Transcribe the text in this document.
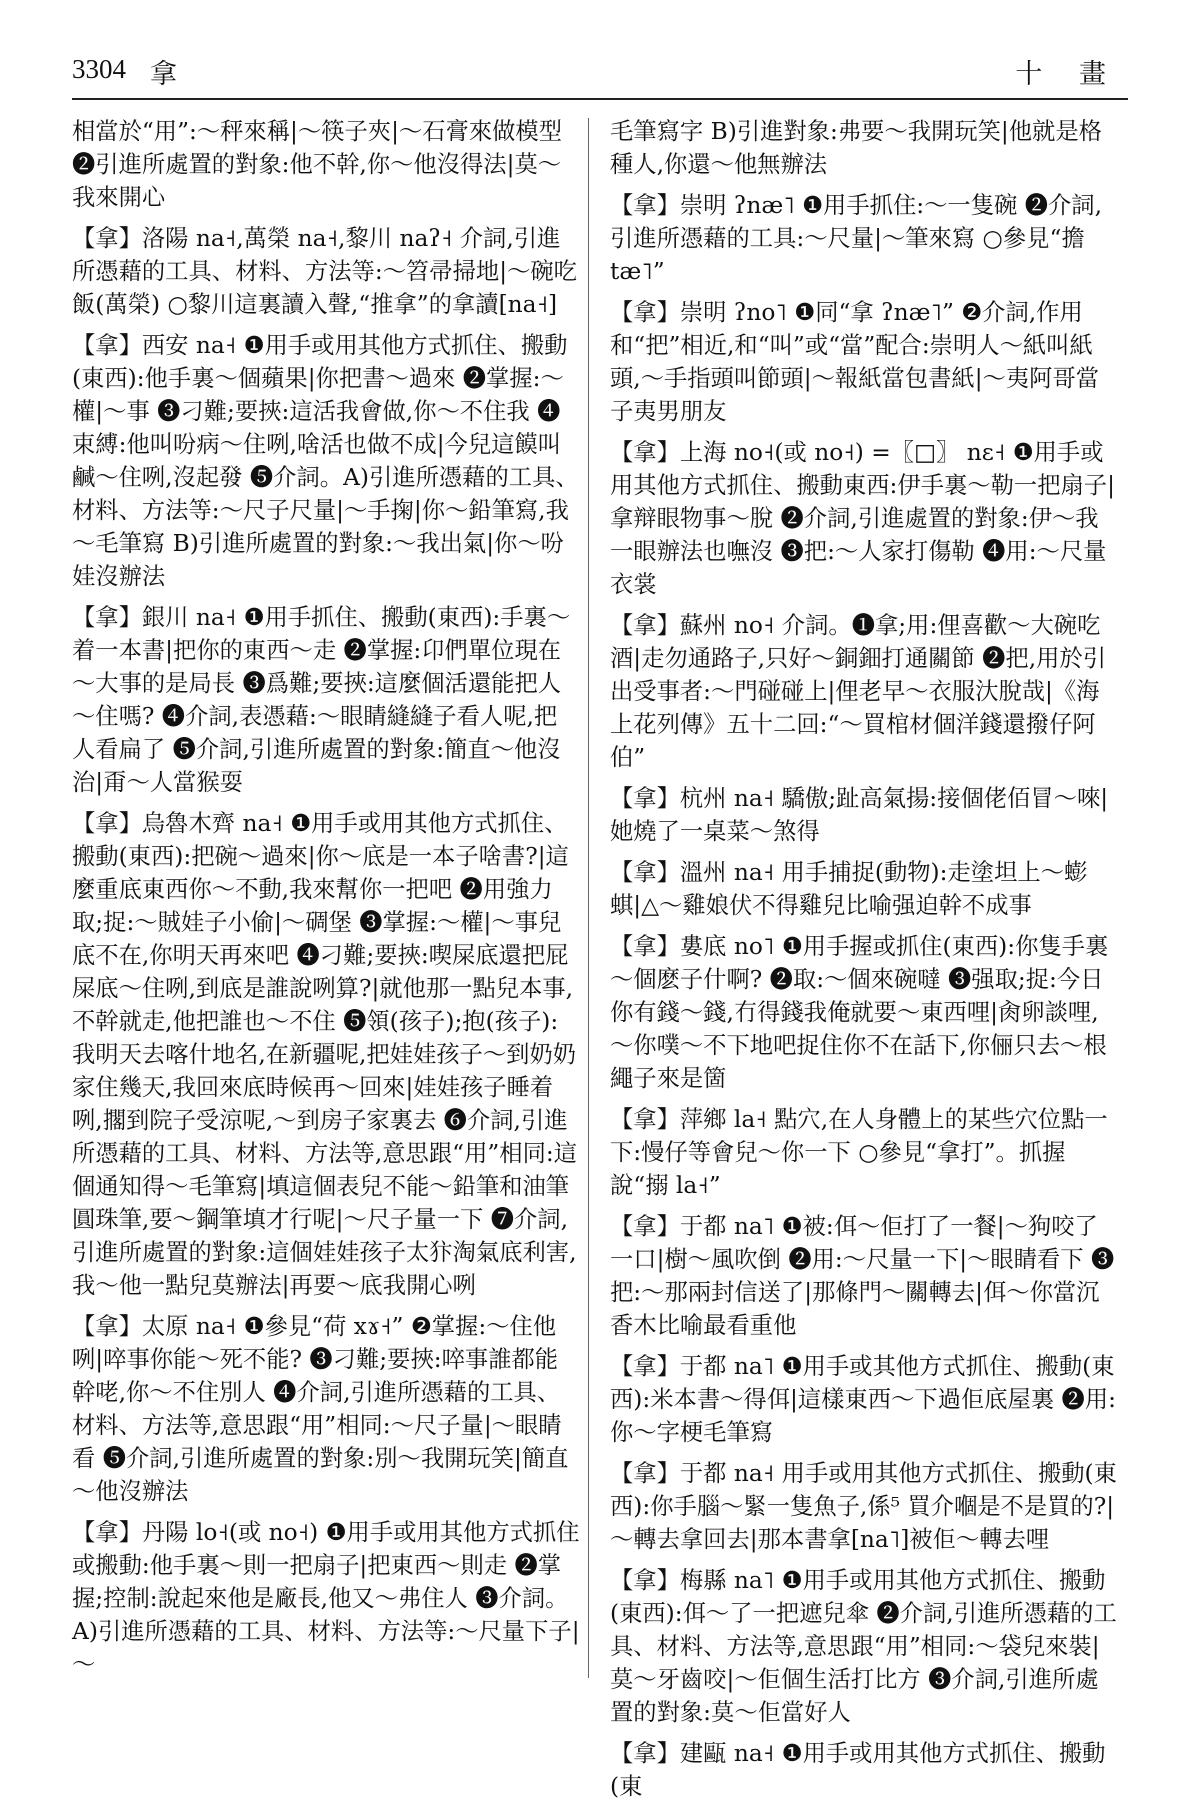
3304 拿	十 畫

相當於“用”:～秤來稱|～筷子夾|～石膏來做模型 ❷引進所處置的對象:他不幹,你～他沒得法|莫～我來開心

【拿】洛陽 na˧,萬榮 na˧,黎川 naʔ˧ 介詞,引進所憑藉的工具、材料、方法等:～笤帚掃地|～碗吃飯(萬榮) ○黎川這裏讀入聲,“推拿”的拿讀[na˧]

【拿】西安 na˧ ❶用手或用其他方式抓住、搬動(東西):他手裏～個蘋果|你把書～過來 ❷掌握:～權|～事 ❸刁難;要挾:這活我會做,你～不住我 ❹束縛:他叫吩病～住咧,啥活也做不成|今兒這饃叫鹹～住咧,沒起發 ❺介詞。A)引進所憑藉的工具、材料、方法等:～尺子尺量|～手掬|你～鉛筆寫,我～毛筆寫 B)引進所處置的對象:～我出氣|你～吩娃沒辦法

【拿】銀川 na˧ ❶用手抓住、搬動(東西):手裏～着一本書|把你的東西～走 ❷掌握:卬們單位現在～大事的是局長 ❸爲難;要挾:這麼個活還能把人～住嗎? ❹介詞,表憑藉:～眼睛縫縫子看人呢,把人看扁了 ❺介詞,引進所處置的對象:簡直～他沒治|甭～人當猴耍

【拿】烏魯木齊 na˧ ❶用手或用其他方式抓住、搬動(東西):把碗～過來|你～底是一本子啥書?|這麼重底東西你～不動,我來幫你一把吧 ❷用強力取;捉:～賊娃子小偷|～碉堡 ❸掌握:～權|～事兒底不在,你明天再來吧 ❹刁難;要挾:喫屎底還把屁屎底～住咧,到底是誰說咧算?|就他那一點兒本事,不幹就走,他把誰也～不住 ❺領(孩子);抱(孩子):我明天去喀什地名,在新疆呢,把娃娃孩子～到奶奶家住幾天,我回來底時候再～回來|娃娃孩子睡着咧,擱到院子受涼呢,～到房子家裏去 ❻介詞,引進所憑藉的工具、材料、方法等,意思跟“用”相同:這個通知得～毛筆寫|填這個表兒不能～鉛筆和油筆圓珠筆,要～鋼筆填才行呢|～尺子量一下 ❼介詞,引進所處置的對象:這個娃娃孩子太犿淘氣底利害,我～他一點兒莫辦法|再要～底我開心咧

【拿】太原 na˧ ❶參見“荷 xɤ˧” ❷掌握:～住他咧|啐事你能～死不能? ❸刁難;要挾:啐事誰都能幹咾,你～不住別人 ❹介詞,引進所憑藉的工具、材料、方法等,意思跟“用”相同:～尺子量|～眼睛看 ❺介詞,引進所處置的對象:別～我開玩笑|簡直～他沒辦法

【拿】丹陽 lo˧(或 no˧) ❶用手或用其他方式抓住或搬動:他手裏～則一把扇子|把東西～則走 ❷掌握;控制:說起來他是廠長,他又～弗住人 ❸介詞。A)引進所憑藉的工具、材料、方法等:～尺量下子|～

毛筆寫字 B)引進對象:弗要～我開玩笑|他就是格種人,你還～他無辦法

【拿】崇明 ʔnæ˥ ❶用手抓住:～一隻碗 ❷介詞,引進所憑藉的工具:～尺量|～筆來寫 ○參見“擔 tæ˥”

【拿】崇明 ʔno˥ ❶同“拿 ʔnæ˥” ❷介詞,作用和“把”相近,和“叫”或“當”配合:崇明人～紙叫紙頭,～手指頭叫節頭|～報紙當包書紙|～夷阿哥當子夷男朋友

【拿】上海 no˧(或 no˧) =〖□〗 nɛ˧ ❶用手或用其他方式抓住、搬動東西:伊手裏～勒一把扇子|拿辩眼物事～脫 ❷介詞,引進處置的對象:伊～我一眼辦法也嘸沒 ❸把:～人家打傷勒 ❹用:～尺量衣裳

【拿】蘇州 no˧ 介詞。❶拿;用:俚喜歡～大碗吃酒|走勿通路子,只好～銅鈿打通關節 ❷把,用於引出受事者:～門碰碰上|俚老早～衣服汏脫哉|《海上花列傳》五十二回:“～買棺材個洋錢還撥仔阿伯”

【拿】杭州 na˧ 驕傲;趾高氣揚:接個佬佰冒～唻|她燒了一桌菜～煞得

【拿】溫州 na˧ 用手捕捉(動物):走塗坦上～蟛蜞|△～雞娘伏不得雞兒比喻强迫幹不成事

【拿】婁底 no˥ ❶用手握或抓住(東西):你隻手裏～個麽子什啊? ❷取:～個來碗噠 ❸强取;捉:今日你有錢～錢,冇得錢我俺就要～東西哩|肏卵談哩,～你噗～不下地吧捉住你不在話下,你俪只去～根繩子來是箇

【拿】萍鄉 la˧ 點穴,在人身體上的某些穴位點一下:慢仔等會兒～你一下 ○參見“拿打”。抓握說“搦 la˧”

【拿】于都 na˥ ❶被:佴～佢打了一餐|～狗咬了一口|樹～風吹倒 ❷用:～尺量一下|～眼睛看下 ❸把:～那兩封信送了|那條門～關轉去|佴～你當沉香木比喻最看重他

【拿】于都 na˥ ❶用手或其他方式抓住、搬動(東西):米本書～得佴|這樣東西～下過佢底屋裏 ❷用:你～字梗毛筆寫

【拿】于都 na˧ 用手或用其他方式抓住、搬動(東西):你手腦～緊一隻魚子,係⁵ 買介嗰是不是買的?|～轉去拿回去|那本書拿[na˥]被佢～轉去哩

【拿】梅縣 na˥ ❶用手或用其他方式抓住、搬動(東西):佴～了一把遮兒傘 ❷介詞,引進所憑藉的工具、材料、方法等,意思跟“用”相同:～袋兒來裝|莫～牙齒咬|～佢個生活打比方 ❸介詞,引進所處置的對象:莫～佢當好人

【拿】建甌 na˧ ❶用手或用其他方式抓住、搬動(東
